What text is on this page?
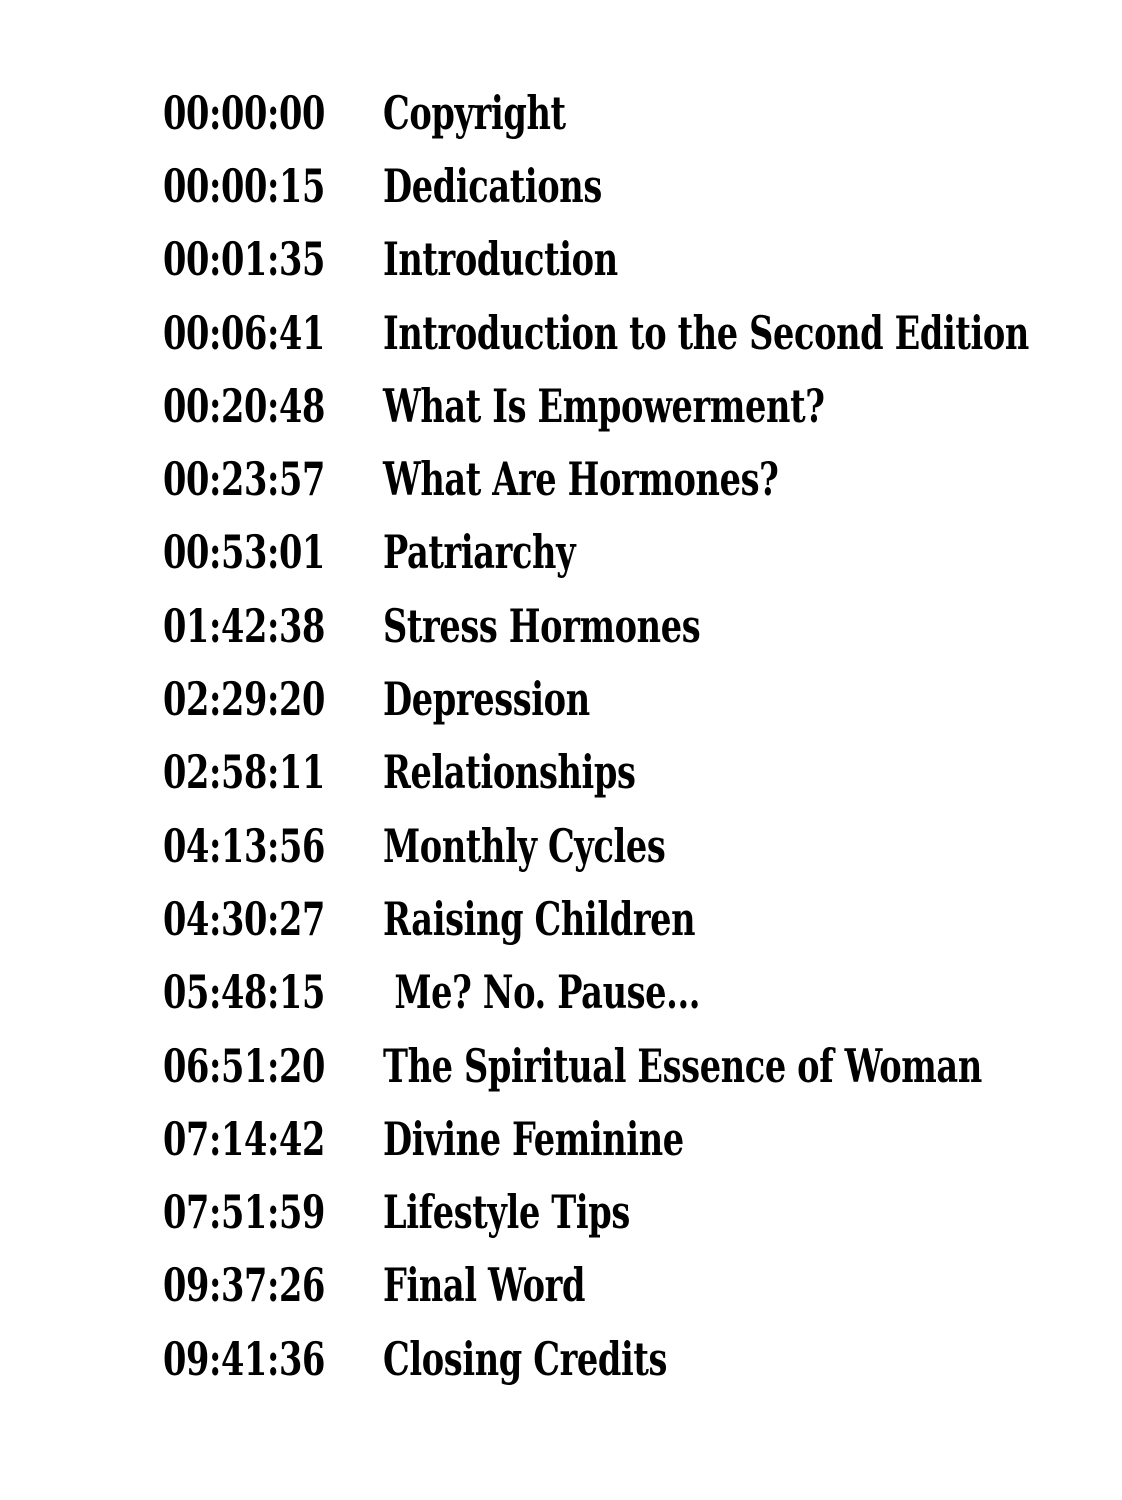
00:00:00 Copyright
00:00:15 Dedications
00:01:35 Introduction
00:06:41 Introduction to the Second Edition
00:20:48 What Is Empowerment?
00:23:57 What Are Hormones?
00:53:01 Patriarchy
01:42:38 Stress Hormones
02:29:20 Depression
02:58:11 Relationships
04:13:56 Monthly Cycles
04:30:27 Raising Children
05:48:15 Me? No. Pause...
06:51:20 The Spiritual Essence of Woman
07:14:42 Divine Feminine
07:51:59 Lifestyle Tips
09:37:26 Final Word
09:41:36 Closing Credits
